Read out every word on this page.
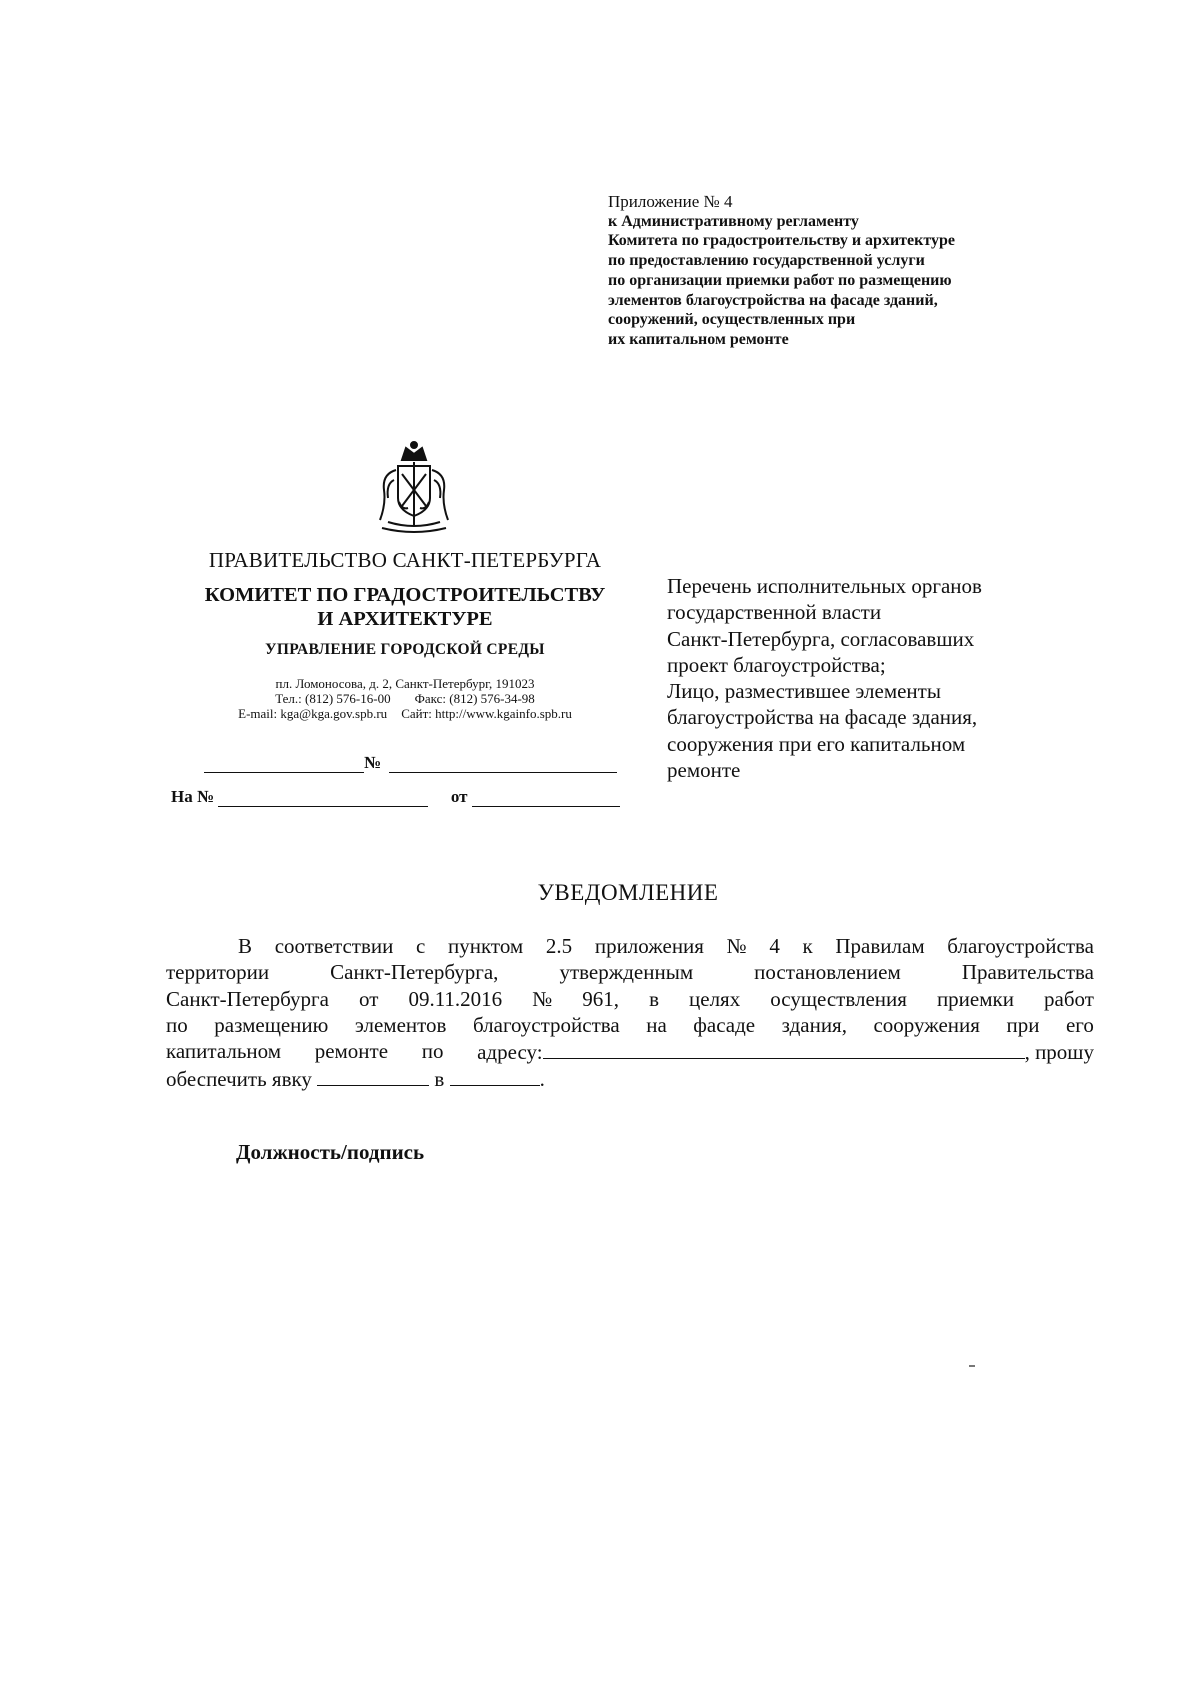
Приложение № 4
к Административному регламенту
Комитета по градостроительству и архитектуре
по предоставлению государственной услуги
по организации приемки работ по размещению
элементов благоустройства на фасаде зданий,
сооружений, осуществленных при
их капитальном ремонте
ПРАВИТЕЛЬСТВО САНКТ-ПЕТЕРБУРГА
КОМИТЕТ ПО ГРАДОСТРОИТЕЛЬСТВУ
И АРХИТЕКТУРЕ
УПРАВЛЕНИЕ ГОРОДСКОЙ СРЕДЫ
пл. Ломоносова, д. 2, Санкт-Петербург, 191023
Тел.: (812) 576-16-00 Факс: (812) 576-34-98
E-mail: kga@kga.gov.spb.ru Сайт: http://www.kgainfo.spb.ru
№
На №	от
Перечень исполнительных органов
государственной власти
Санкт-Петербурга, согласовавших
проект благоустройства;
Лицо, разместившее элементы
благоустройства на фасаде здания,
сооружения при его капитальном
ремонте
УВЕДОМЛЕНИЕ
В соответствии с пунктом 2.5 приложения № 4 к Правилам благоустройства
территории	Санкт-Петербурга,	утвержденным	постановлением	Правительства
Санкт-Петербурга от 09.11.2016 № 961, в целях осуществления приемки работ
по размещению элементов благоустройства на фасаде здания, сооружения при его
капитальном ремонте по адресу:	, прошу
обеспечить явку	в	.
Должность/подпись
